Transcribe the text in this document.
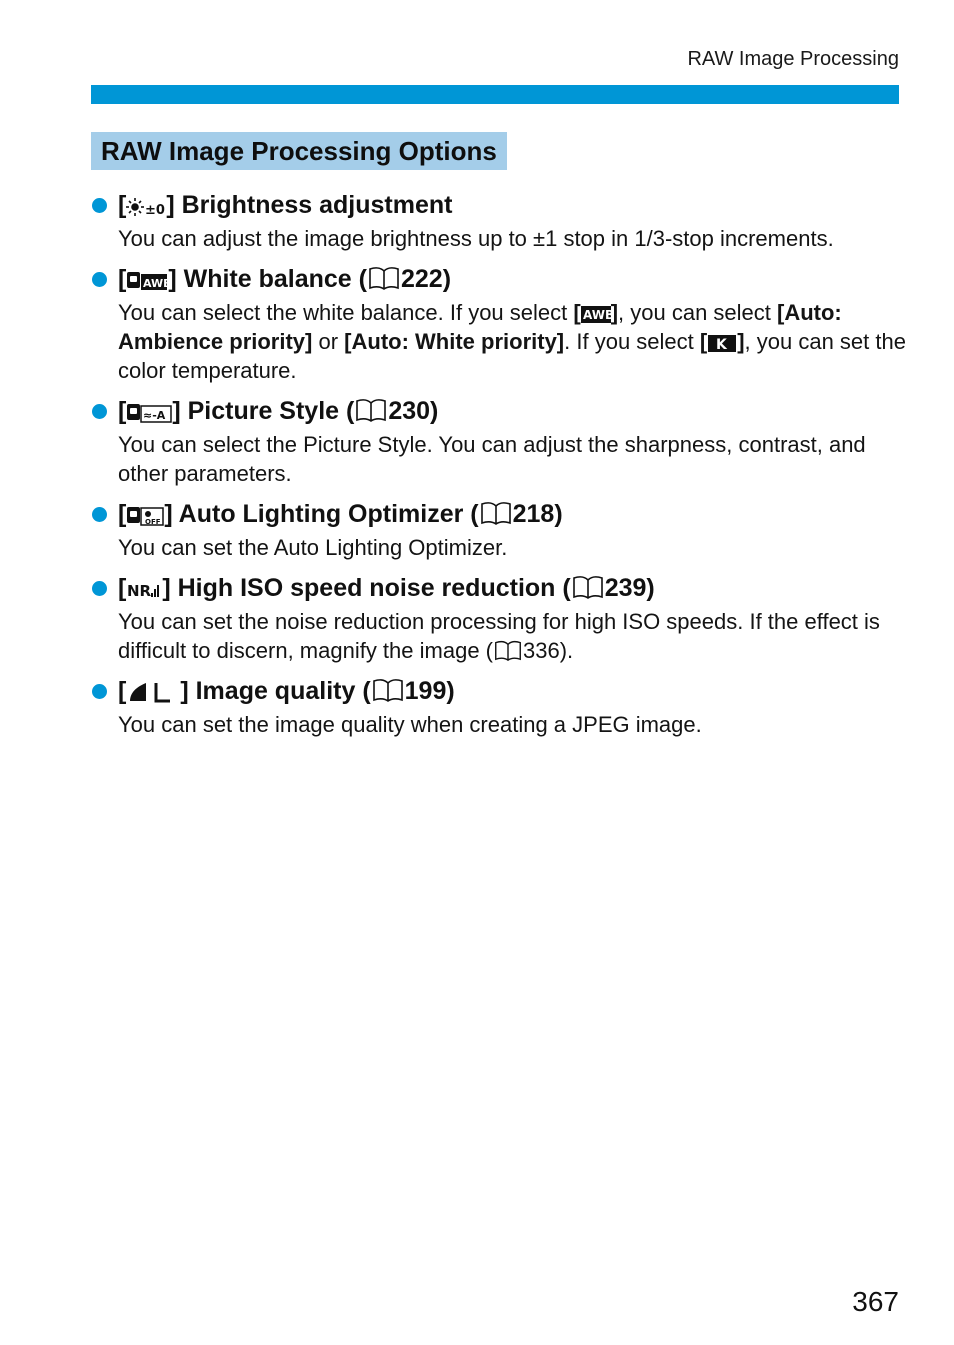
RAW Image Processing
RAW Image Processing Options
[ ±0 ] Brightness adjustment
You can adjust the image brightness up to ±1 stop in 1/3-stop increments.
[ AWB
] White balance ( 222)
You can select the white balance. If you select [ AWB
], you can select [Auto: Ambience priority] or [Auto: White priority]. If you select [ K ], you can set the color temperature.
[ ≈-A ] Picture Style ( 230)
You can select the Picture Style. You can adjust the sharpness, contrast, and other parameters.
[	OFF ] Auto Lighting Optimizer ( 218)
You can set the Auto Lighting Optimizer.
[ NR ] High ISO speed noise reduction ( 239)
You can set the noise reduction processing for high ISO speeds. If the effect is difficult to discern, magnify the image ( 336).
[ ] Image quality ( 199)
You can set the image quality when creating a JPEG image.
367
